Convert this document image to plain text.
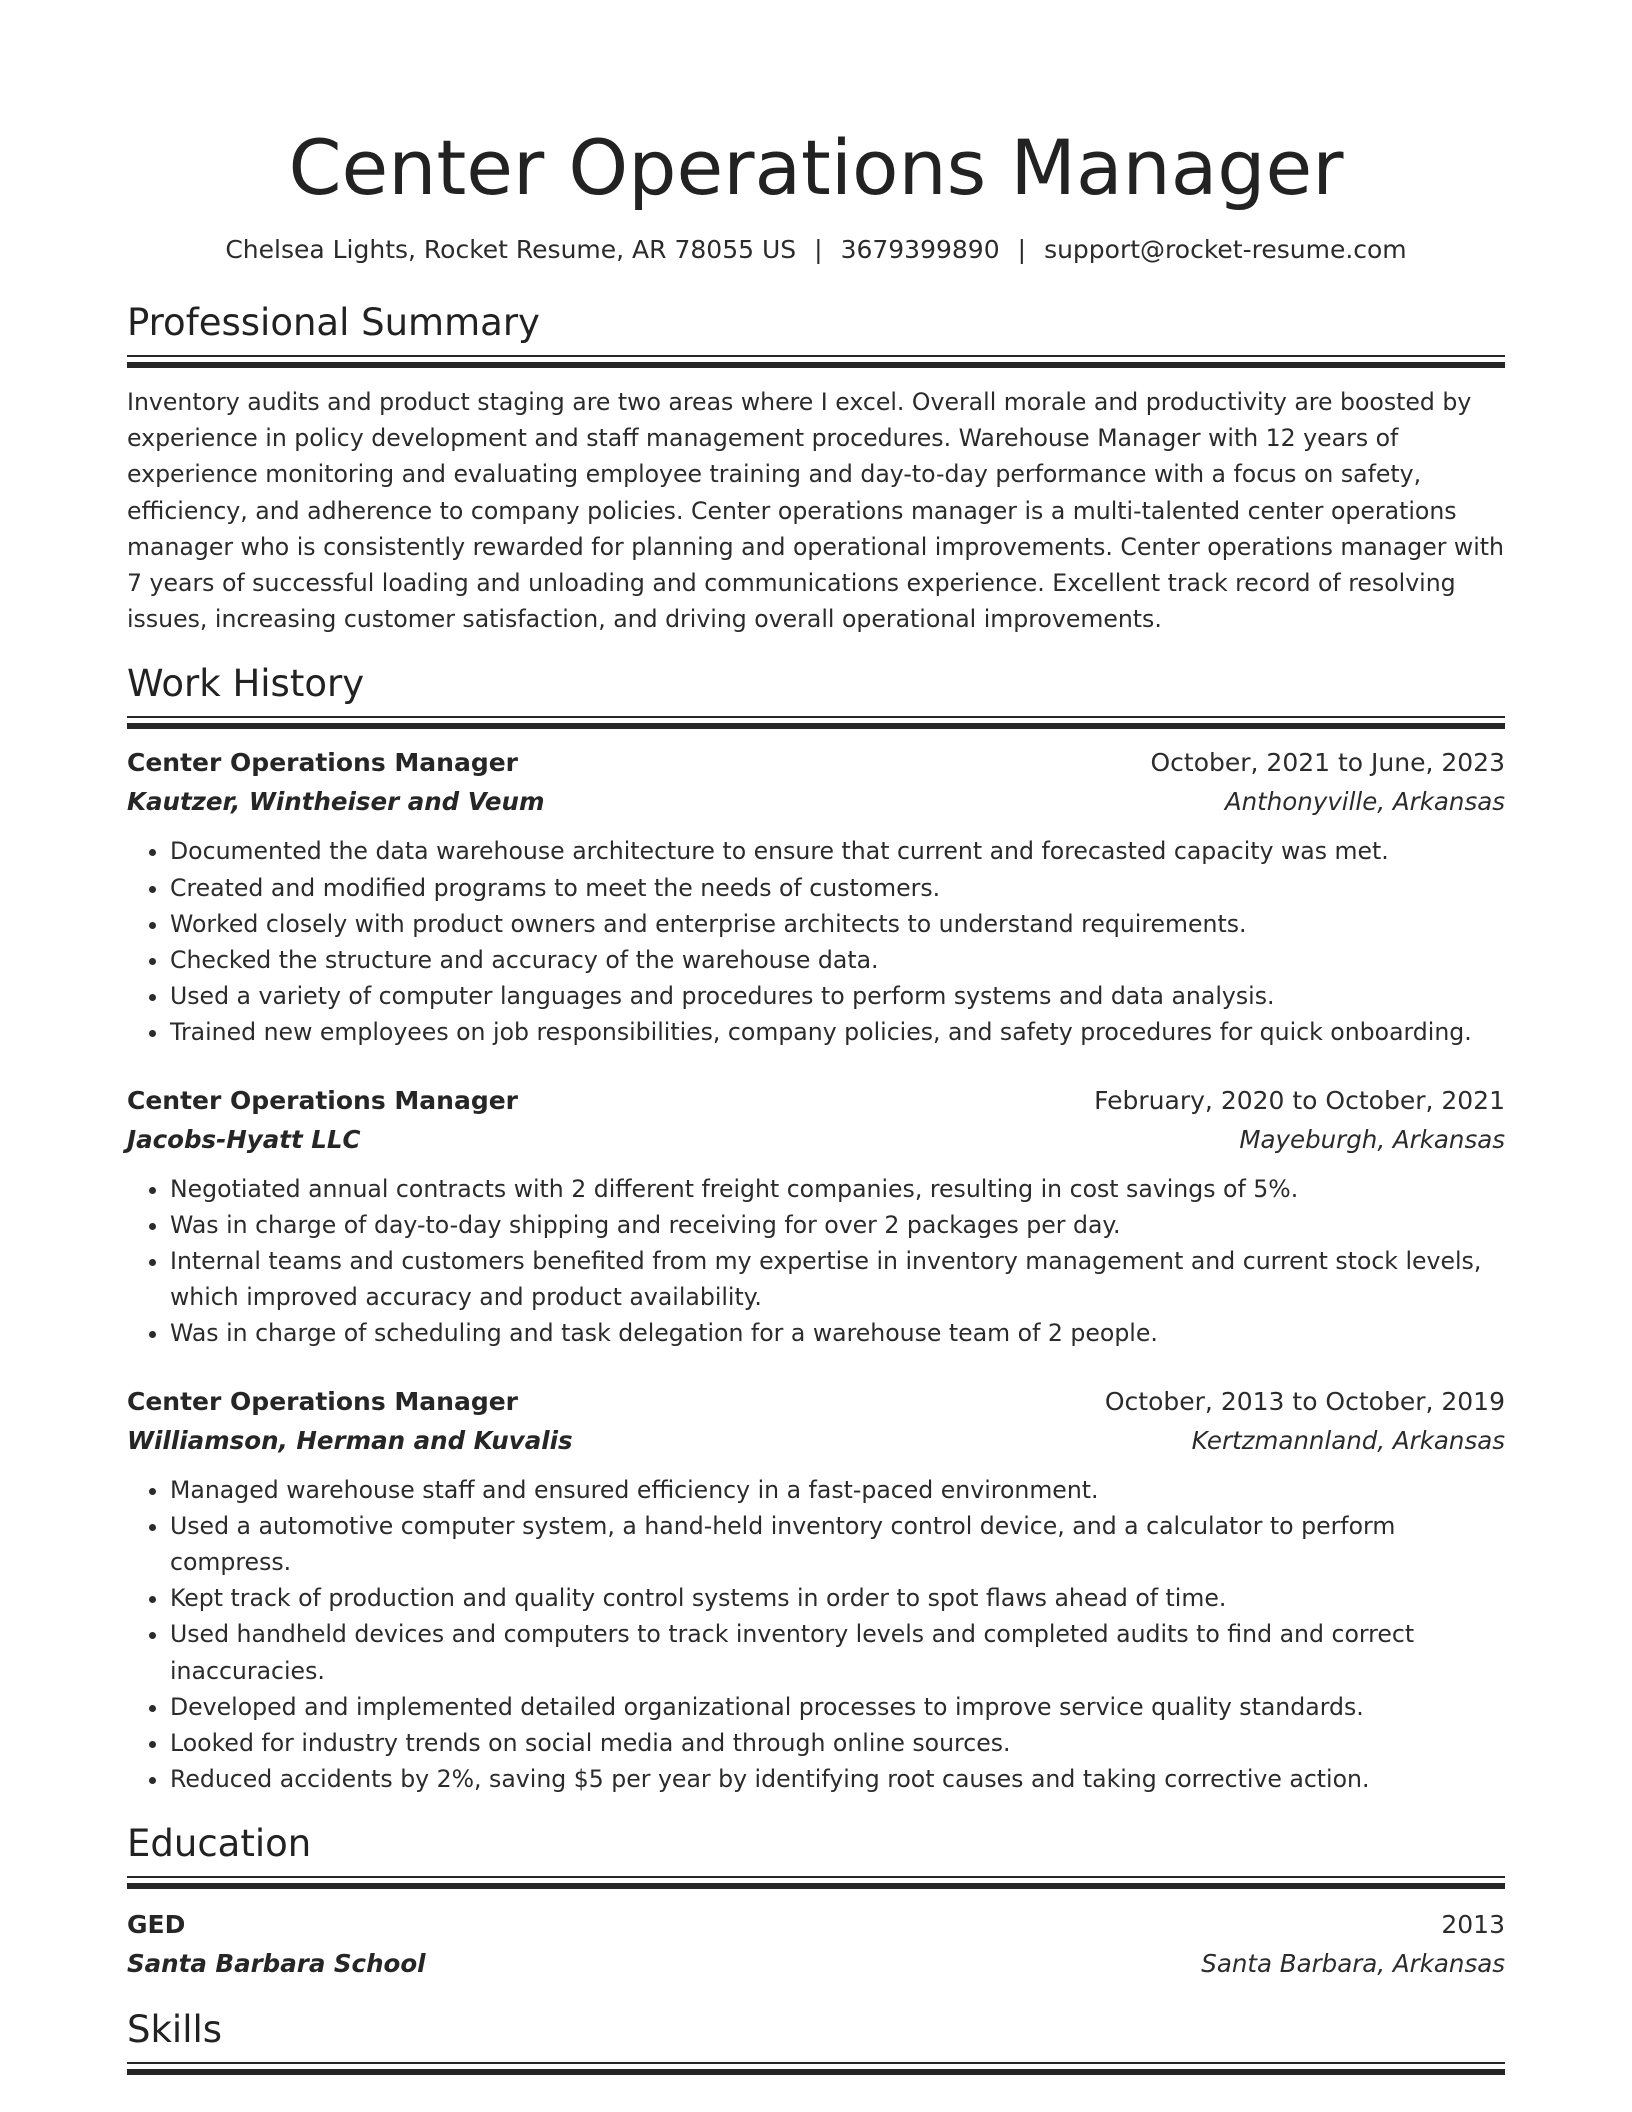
Center Operations Manager
Chelsea Lights, Rocket Resume, AR 78055 US | 3679399890 | support@rocket-resume.com
Professional Summary

Inventory audits and product staging are two areas where I excel. Overall morale and productivity are boosted by experience in policy development and staff management procedures. Warehouse Manager with 12 years of experience monitoring and evaluating employee training and day-to-day performance with a focus on safety, efficiency, and adherence to company policies. Center operations manager is a multi-talented center operations manager who is consistently rewarded for planning and operational improvements. Center operations manager with 7 years of successful loading and unloading and communications experience. Excellent track record of resolving issues, increasing customer satisfaction, and driving overall operational improvements.

Work History
Center Operations Manager	October, 2021 to June, 2023
Kautzer, Wintheiser and Veum	Anthonyville, Arkansas
• Documented the data warehouse architecture to ensure that current and forecasted capacity was met.
• Created and modified programs to meet the needs of customers.
• Worked closely with product owners and enterprise architects to understand requirements.
• Checked the structure and accuracy of the warehouse data.
• Used a variety of computer languages and procedures to perform systems and data analysis.
• Trained new employees on job responsibilities, company policies, and safety procedures for quick onboarding.
Center Operations Manager	February, 2020 to October, 2021
Jacobs-Hyatt LLC	Mayeburgh, Arkansas
• Negotiated annual contracts with 2 different freight companies, resulting in cost savings of 5%.
• Was in charge of day-to-day shipping and receiving for over 2 packages per day.
• Internal teams and customers benefited from my expertise in inventory management and current stock levels, which improved accuracy and product availability.
• Was in charge of scheduling and task delegation for a warehouse team of 2 people.
Center Operations Manager	October, 2013 to October, 2019
Williamson, Herman and Kuvalis	Kertzmannland, Arkansas
• Managed warehouse staff and ensured efficiency in a fast-paced environment.
• Used a automotive computer system, a hand-held inventory control device, and a calculator to perform compress.
• Kept track of production and quality control systems in order to spot flaws ahead of time.
• Used handheld devices and computers to track inventory levels and completed audits to find and correct inaccuracies.
• Developed and implemented detailed organizational processes to improve service quality standards.
• Looked for industry trends on social media and through online sources.
• Reduced accidents by 2%, saving $5 per year by identifying root causes and taking corrective action.
Education
GED	2013
Santa Barbara School	Santa Barbara, Arkansas
Skills
